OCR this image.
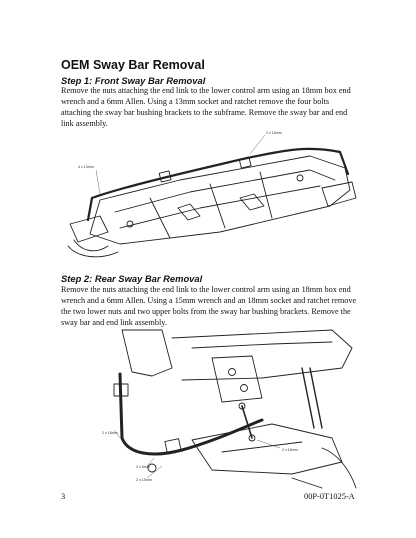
OEM Sway Bar Removal
Step 1: Front Sway Bar Removal

Remove the nuts attaching the end link to the lower control arm using an 18mm box end wrench and a 6mm Allen. Using a 13mm socket and ratchet remove the four bolts attaching the sway bar bushing brackets to the subframe. Remove the sway bar and end link assembly.

4 x 13mm
2 x 18mm
Step 2: Rear Sway Bar Removal

Remove the nuts attaching the end link to the lower control arm using an 18mm box end wrench and a 6mm Allen. Using a 15mm wrench and an 18mm socket and ratchet remove the two lower nuts and two upper bolts from the sway bar bushing brackets. Remove the sway bar and end link assembly.

2 x 18mm
2 x 18mm
2 x 6mm
2 x 15mm
3	00P-0T1025-A
